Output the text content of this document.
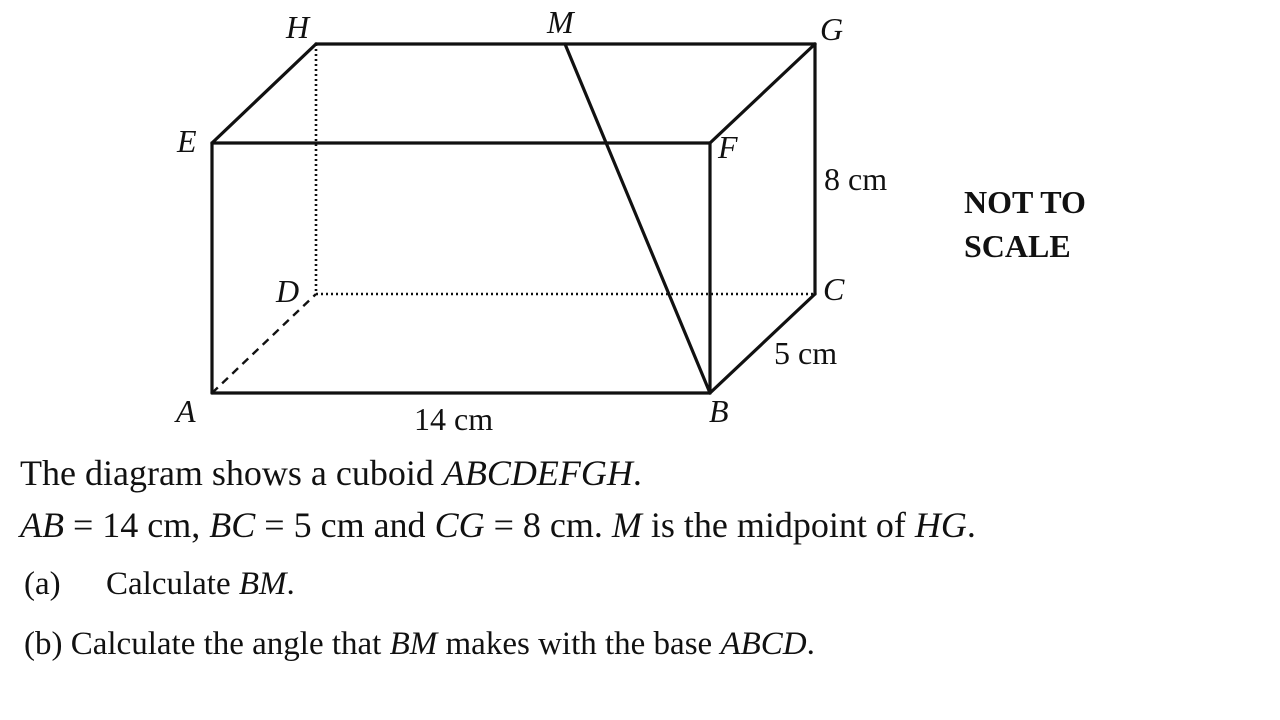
H	M	G
E	F
D	C
A	B
8 cm
5 cm
14 cm
NOT TO
SCALE
The diagram shows a cuboid ABCDEFGH.
AB = 14 cm, BC = 5 cm and CG = 8 cm. M is the midpoint of HG.
(a) Calculate BM.
(b) Calculate the angle that BM makes with the base ABCD.
